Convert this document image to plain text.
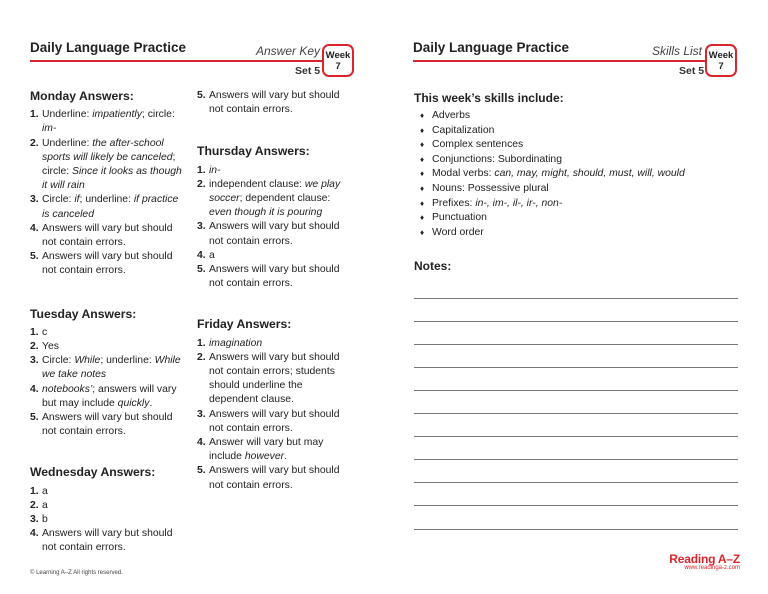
Daily Language Practice	Answer Key
Set 5
Week
7
Monday Answers:
1. Underline: impatiently; circle: im-
2. Underline: the after-school sports will likely be canceled; circle: Since it looks as though it will rain
3. Circle: if; underline: if practice is canceled
4. Answers will vary but should not contain errors.
5. Answers will vary but should not contain errors.
Tuesday Answers:
1. c
2. Yes
3. Circle: While; underline: While we take notes
4. notebooks’; answers will vary but may include quickly.
5. Answers will vary but should not contain errors.
Wednesday Answers:
1. a
2. a
3. b
4. Answers will vary but should not contain errors.
5. Answers will vary but should not contain errors.
Thursday Answers:
1. in-
2. independent clause: we play soccer; dependent clause: even though it is pouring
3. Answers will vary but should not contain errors.
4. a
5. Answers will vary but should not contain errors.
Friday Answers:
1. imagination
2. Answers will vary but should not contain errors; students should underline the dependent clause.
3. Answers will vary but should not contain errors.
4. Answer will vary but may include however.
5. Answers will vary but should not contain errors.
© Learning A–Z All rights reserved.
Daily Language Practice	Skills List
Set 5
Week
7
This week’s skills include:
♦ Adverbs
♦ Capitalization
♦ Complex sentences
♦ Conjunctions: Subordinating
♦ Modal verbs: can, may, might, should, must, will, would
♦ Nouns: Possessive plural
♦ Prefixes: in-, im-, il-, ir-, non-
♦ Punctuation
♦ Word order
Notes:
Reading A–Z
www.readinga-z.com
